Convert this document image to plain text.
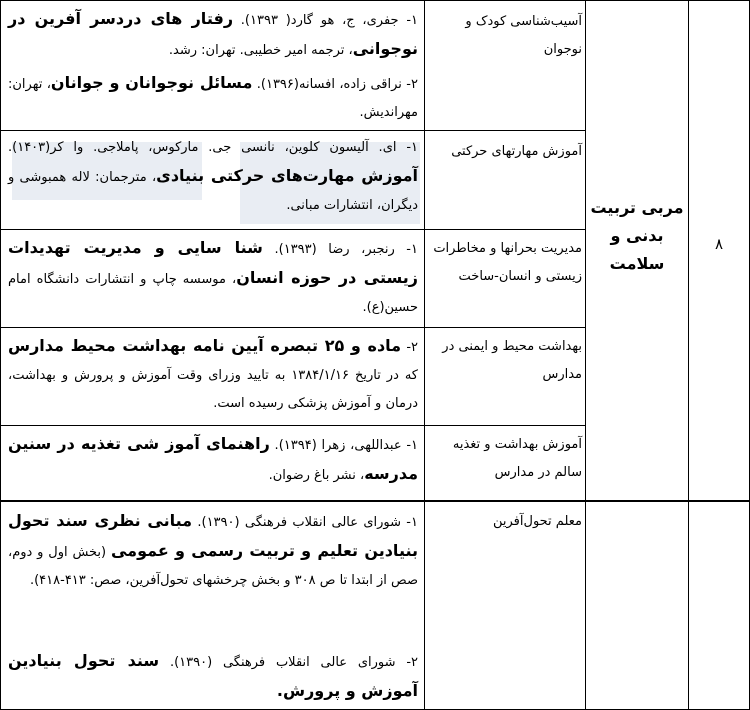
۸
مربی تربیت بدنی و سلامت
آسیب‌شناسی کودک و نوجوان
۱- جفری، ج، هو گارد( ۱۳۹۳). رفتار های دردسر آفرین در نوجوانی، ترجمه امیر خطیبی. تهران: رشد.
۲- نراقی زاده، افسانه(۱۳۹۶). مسائل نوجوانان و جوانان، تهران: مهراندیش.
آموزش مهارتهای حرکتی
۱- ای. آلیسون کلوین، نانسی جی. مارکوس، پاملاجی. وا کر(۱۴۰۳). آموزش مهارت‌های حرکتی بنیادی، مترجمان: لاله همبوشی و دیگران، انتشارات مبانی.
مدیریت بحرانها و مخاطرات زیستی و انسان-ساخت
۱- رنجبر، رضا (۱۳۹۳). شنا سایی و مدیریت تهدیدات زیستی در حوزه انسان، موسسه چاپ و انتشارات دانشگاه امام حسین(ع).
بهداشت محیط و ایمنی در مدارس
۲- ماده و ۲۵ تبصره آیین نامه بهداشت محیط مدارس که در تاریخ ۱۳۸۴/۱/۱۶ به تایید وزرای وقت آموزش و پرورش و بهداشت، درمان و آموزش پزشکی رسیده است.
آموزش بهداشت و تغذیه سالم در مدارس
۱- عبداللهی، زهرا (۱۳۹۴). راهنمای آموز شی تغذیه در سنین مدرسه، نشر باغ رضوان.
معلم تحول‌آفرین
۱- شورای عالی انقلاب فرهنگی (۱۳۹۰). مبانی نظری سند تحول بنیادین تعلیم و تربیت رسمی و عمومی (بخش اول و دوم، صص از ابتدا تا ص ۳۰۸ و بخش چرخشهای تحول‌آفرین، صص: ۴۱۳-۴۱۸).
۲- شورای عالی انقلاب فرهنگی (۱۳۹۰). سند تحول بنیادین آموزش و پرورش.
